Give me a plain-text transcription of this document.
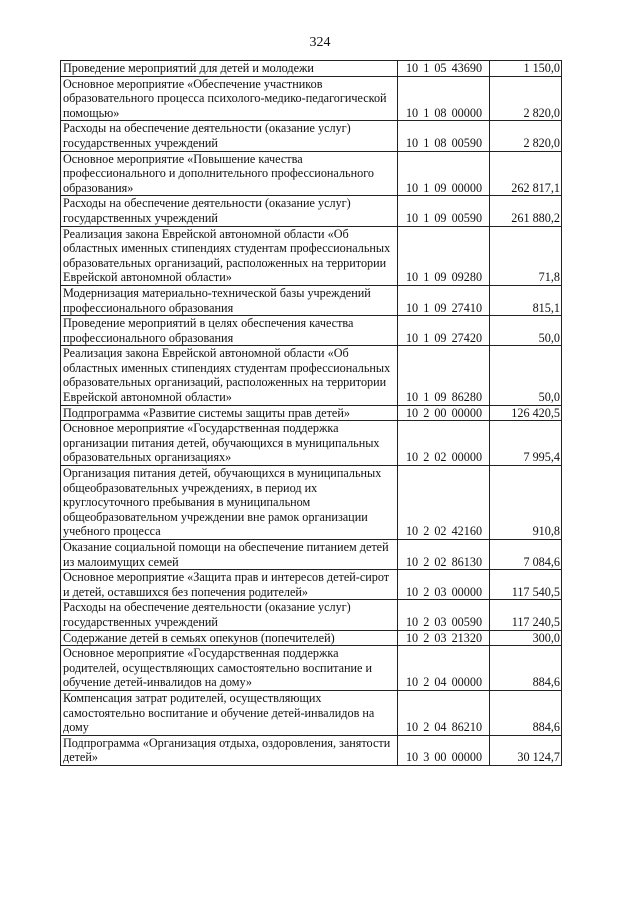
324
Проведение мероприятий для детей и молодежи	10 1 05 43690	1 150,0
Основное мероприятие «Обеспечение участников образовательного процесса психолого-медико-педагогической помощью»	10 1 08 00000	2 820,0
Расходы на обеспечение деятельности (оказание услуг) государственных учреждений	10 1 08 00590	2 820,0
Основное мероприятие «Повышение качества профессионального и дополнительного профессионального образования»	10 1 09 00000	262 817,1
Расходы на обеспечение деятельности (оказание услуг) государственных учреждений	10 1 09 00590	261 880,2
Реализация закона Еврейской автономной области «Об областных именных стипендиях студентам профессиональных образовательных организаций, расположенных на территории Еврейской автономной области»	10 1 09 09280	71,8
Модернизация материально-технической базы учреждений профессионального образования	10 1 09 27410	815,1
Проведение мероприятий в целях обеспечения качества профессионального образования	10 1 09 27420	50,0
Реализация закона Еврейской автономной области «Об областных именных стипендиях студентам профессиональных образовательных организаций, расположенных на территории Еврейской автономной области»	10 1 09 86280	50,0
Подпрограмма «Развитие системы защиты прав детей»	10 2 00 00000	126 420,5
Основное мероприятие «Государственная поддержка организации питания детей, обучающихся в муниципальных образовательных организациях»	10 2 02 00000	7 995,4
Организация питания детей, обучающихся в муниципальных общеобразовательных учреждениях, в период их круглосуточного пребывания в муниципальном общеобразовательном учреждении вне рамок организации учебного процесса	10 2 02 42160	910,8
Оказание социальной помощи на обеспечение питанием детей из малоимущих семей	10 2 02 86130	7 084,6
Основное мероприятие «Защита прав и интересов детей-сирот и детей, оставшихся без попечения родителей»	10 2 03 00000	117 540,5
Расходы на обеспечение деятельности (оказание услуг) государственных учреждений	10 2 03 00590	117 240,5
Содержание детей в семьях опекунов (попечителей)	10 2 03 21320	300,0
Основное мероприятие «Государственная поддержка родителей, осуществляющих самостоятельно воспитание и обучение детей-инвалидов на дому»	10 2 04 00000	884,6
Компенсация затрат родителей, осуществляющих самостоятельно воспитание и обучение детей-инвалидов на дому	10 2 04 86210	884,6
Подпрограмма «Организация отдыха, оздоровления, занятости детей»	10 3 00 00000	30 124,7
